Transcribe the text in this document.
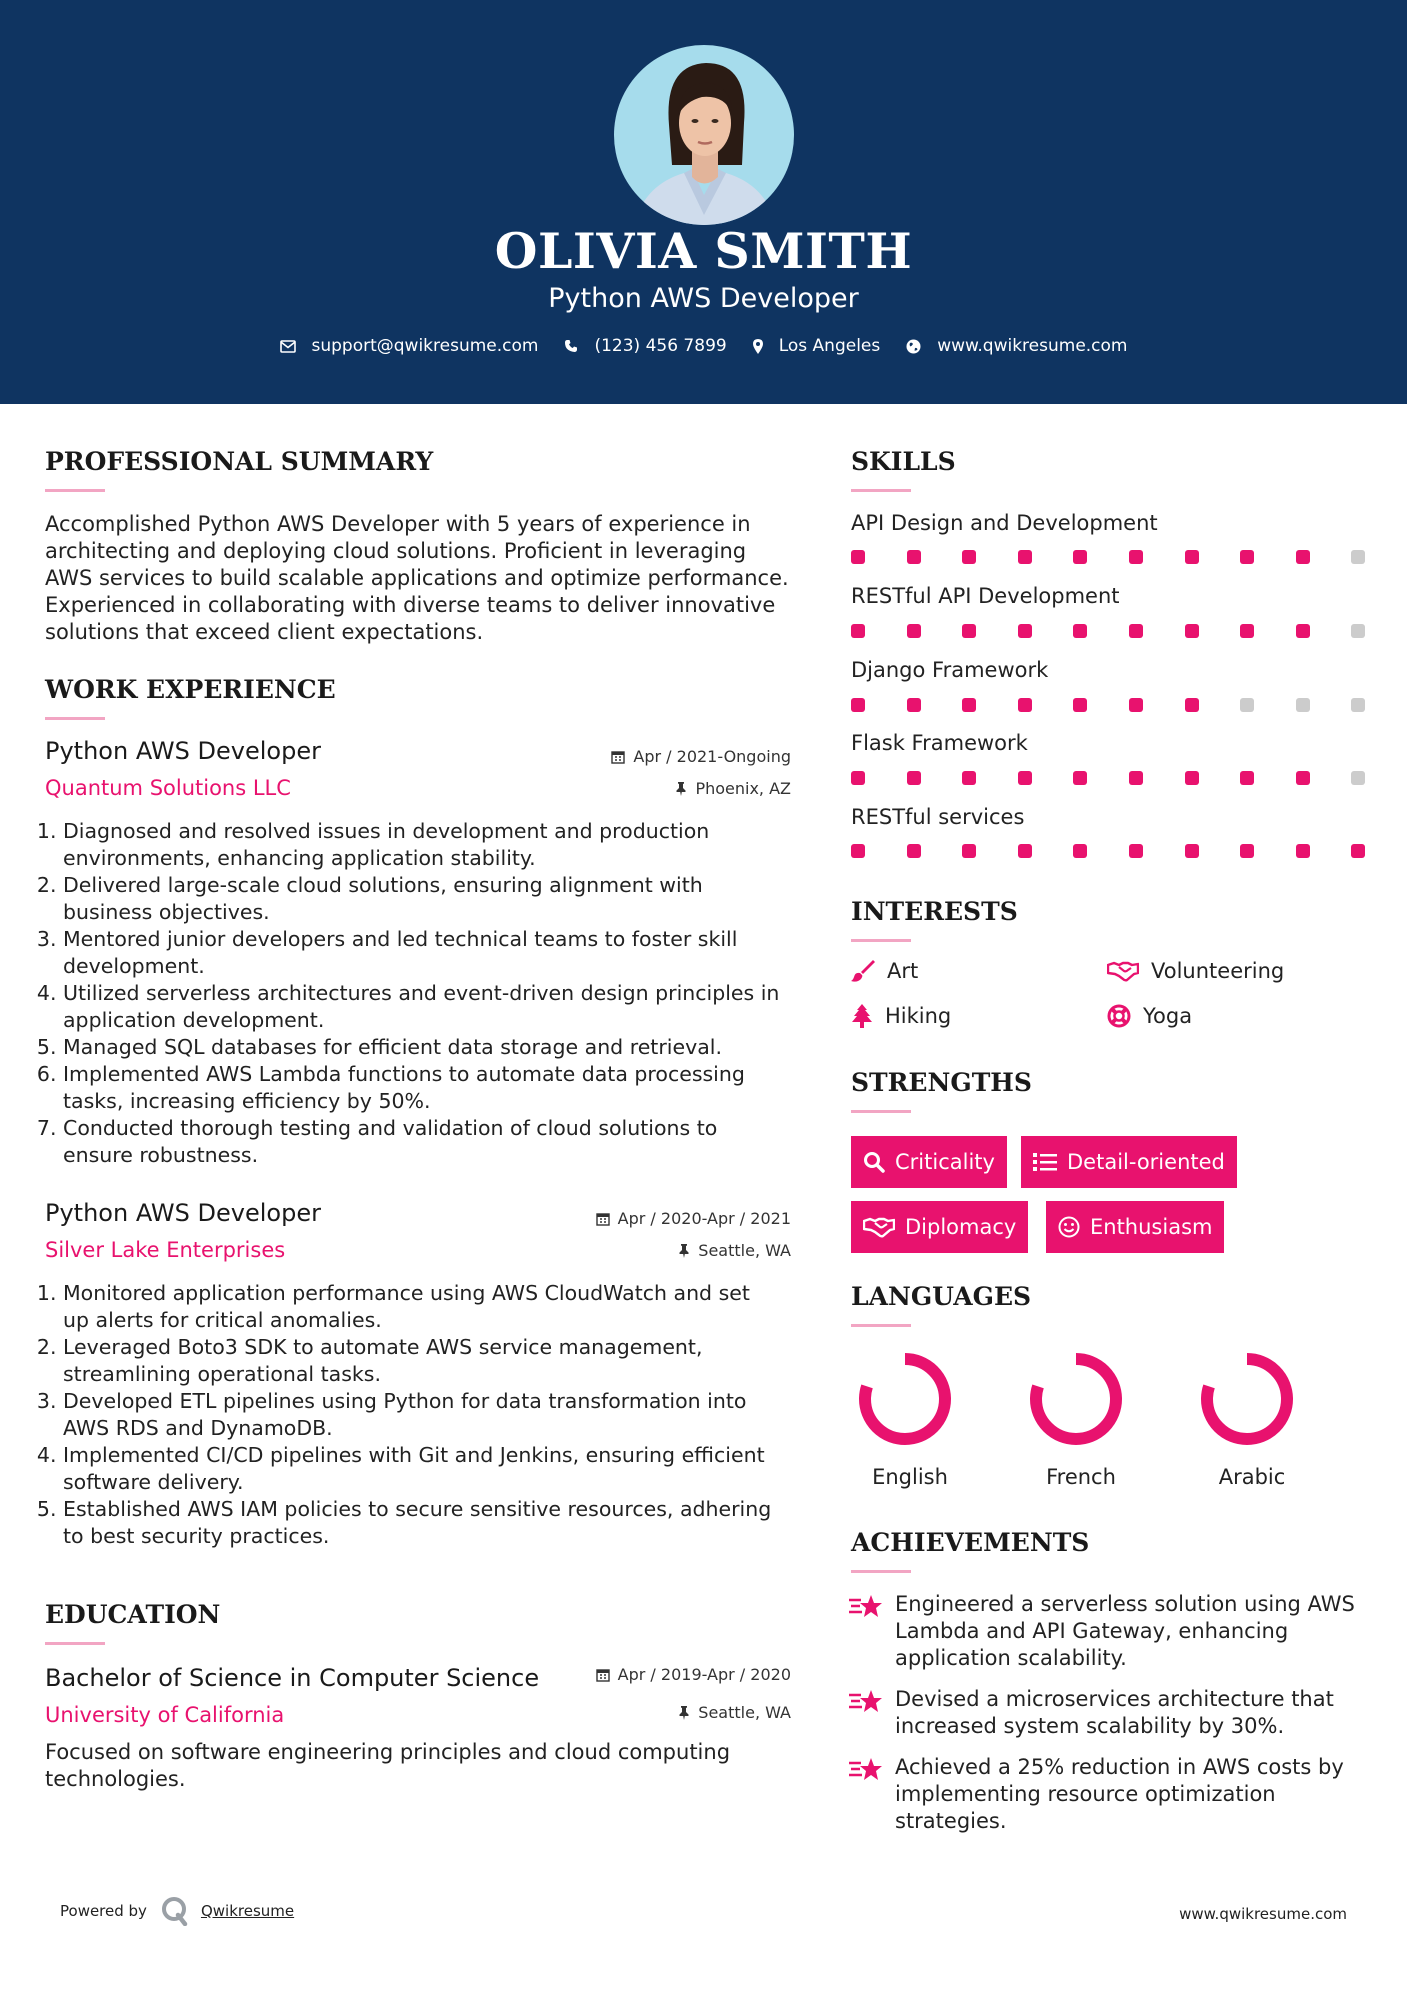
OLIVIA SMITH
Python AWS Developer
support@qwikresume.com	(123) 456 7899	Los Angeles	www.qwikresume.com
PROFESSIONAL SUMMARY
Accomplished Python AWS Developer with 5 years of experience in
architecting and deploying cloud solutions. Proficient in leveraging
AWS services to build scalable applications and optimize performance.
Experienced in collaborating with diverse teams to deliver innovative
solutions that exceed client expectations.
WORK EXPERIENCE
Python AWS Developer
Quantum Solutions LLC
Apr / 2021-Ongoing
Phoenix, AZ
1. Diagnosed and resolved issues in development and production
environments, enhancing application stability.
2. Delivered large-scale cloud solutions, ensuring alignment with
business objectives.
3. Mentored junior developers and led technical teams to foster skill
development.
4. Utilized serverless architectures and event-driven design principles in
application development.
5. Managed SQL databases for efficient data storage and retrieval.
6. Implemented AWS Lambda functions to automate data processing
tasks, increasing efficiency by 50%.
7. Conducted thorough testing and validation of cloud solutions to
ensure robustness.
Python AWS Developer
Silver Lake Enterprises
Apr / 2020-Apr / 2021
Seattle, WA
1. Monitored application performance using AWS CloudWatch and set
up alerts for critical anomalies.
2. Leveraged Boto3 SDK to automate AWS service management,
streamlining operational tasks.
3. Developed ETL pipelines using Python for data transformation into
AWS RDS and DynamoDB.
4. Implemented CI/CD pipelines with Git and Jenkins, ensuring efficient
software delivery.
5. Established AWS IAM policies to secure sensitive resources, adhering
to best security practices.
EDUCATION
Bachelor of Science in Computer Science
University of California
Apr / 2019-Apr / 2020
Seattle, WA
Focused on software engineering principles and cloud computing
technologies.
SKILLS
API Design and Development
RESTful API Development
Django Framework
Flask Framework
RESTful services
INTERESTS
Art	Volunteering
Hiking	Yoga
STRENGTHS
Criticality	Detail-oriented
Diplomacy	Enthusiasm
LANGUAGES
English	French	Arabic
ACHIEVEMENTS
Engineered a serverless solution using AWS
Lambda and API Gateway, enhancing
application scalability.
Devised a microservices architecture that
increased system scalability by 30%.
Achieved a 25% reduction in AWS costs by
implementing resource optimization
strategies.
Powered by	Qwikresume	www.qwikresume.com
